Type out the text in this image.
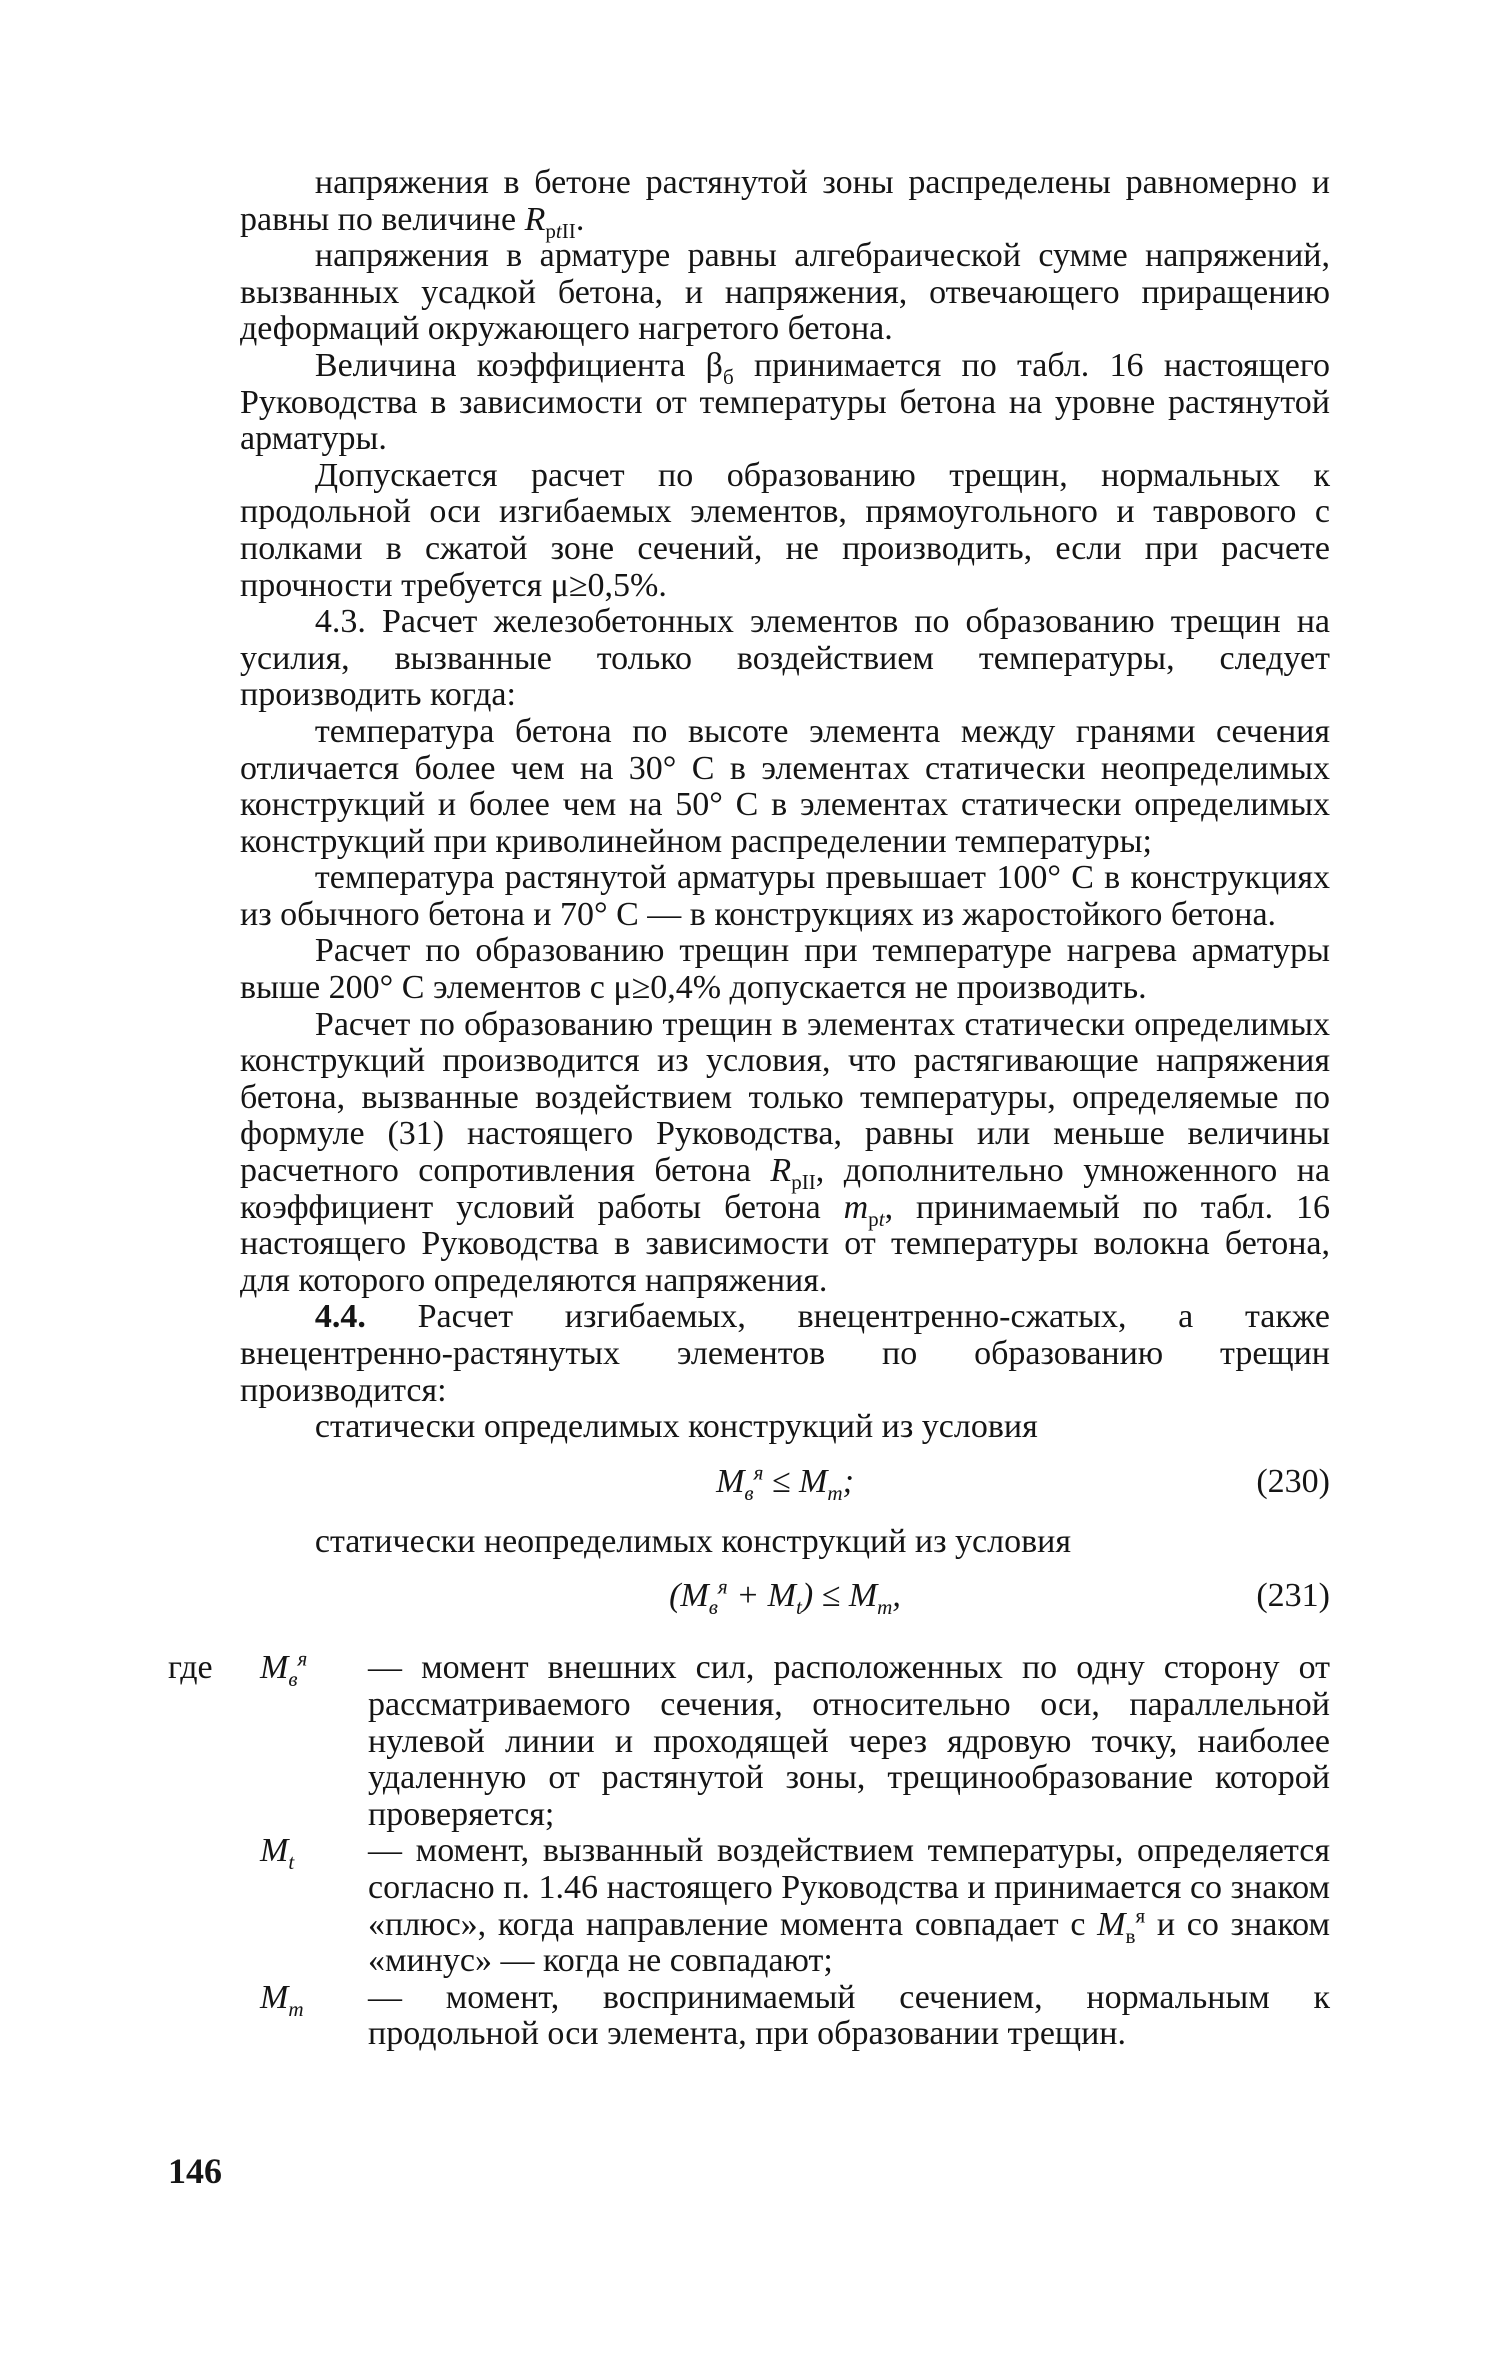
напряжения в бетоне растянутой зоны распределены равномерно и равны по величине $R_{ptII}$.

напряжения в арматуре равны алгебраической сумме напряжений, вызванных усадкой бетона, и напряжения, отвечающего приращению деформаций окружающего нагретого бетона.

Величина коэффициента $\beta_б$ принимается по табл. 16 настоящего Руководства в зависимости от температуры бетона на уровне растянутой арматуры.

Допускается расчет по образованию трещин, нормальных к продольной оси изгибаемых элементов, прямоугольного и таврового с полками в сжатой зоне сечений, не производить, если при расчете прочности требуется μ≥0,5%.

4.3. Расчет железобетонных элементов по образованию трещин на усилия, вызванные только воздействием температуры, следует производить когда:

температура бетона по высоте элемента между гранями сечения отличается более чем на 30° С в элементах статически неопределимых конструкций и более чем на 50° С в элементах статически определимых конструкций при криволинейном распределении температуры;

температура растянутой арматуры превышает 100° С в конструкциях из обычного бетона и 70° С — в конструкциях из жаростойкого бетона.

Расчет по образованию трещин при температуре нагрева арматуры выше 200° С элементов с μ≥0,4% допускается не производить.

Расчет по образованию трещин в элементах статически определимых конструкций производится из условия, что растягивающие напряжения бетона, вызванные воздействием только температуры, определяемые по формуле (31) настоящего Руководства, равны или меньше величины расчетного сопротивления бетона $R_{pII}$, дополнительно умноженного на коэффициент условий работы бетона $m_{pt}$, принимаемый по табл. 16 настоящего Руководства в зависимости от температуры волокна бетона, для которого определяются напряжения.

4.4. Расчет изгибаемых, внецентренно-сжатых, а также внецентренно-растянутых элементов по образованию трещин производится:

статически определимых конструкций из условия

$M_в^я \le M_т$;	(230)

статически неопределимых конструкций из условия

$(M_в^я + M_t) \le M_т$,	(231)
где $M_в^я$ — момент внешних сил, расположенных по одну сторону от рассматриваемого сечения, относительно оси, параллельной нулевой линии и проходящей через ядровую точку, наиболее удаленную от растянутой зоны, трещинообразование которой проверяется;
$M_t$ — момент, вызванный воздействием температуры, определяется согласно п. 1.46 настоящего Руководства и принимается со знаком «плюс», когда направление момента совпадает с $M_в^я$ и со знаком «минус» — когда не совпадают;
$M_т$ — момент, воспринимаемый сечением, нормальным к продольной оси элемента, при образовании трещин.
146
